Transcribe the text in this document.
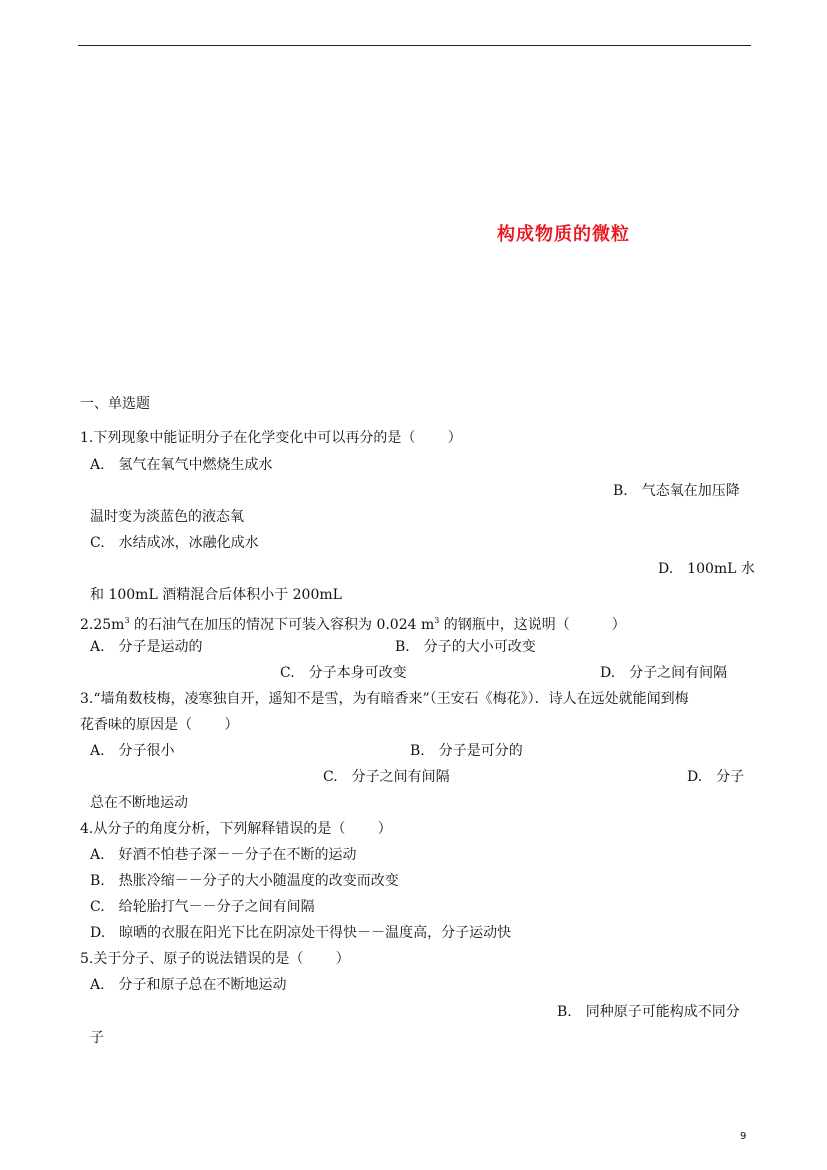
构成物质的微粒
一、单选题
1.下列现象中能证明分子在化学变化中可以再分的是（　　 ）
A.　氢气在氧气中燃烧生成水
B.　气态氧在加压降
温时变为淡蓝色的液态氧
C.　水结成冰，冰融化成水
D.　100mL 水
和 100mL 酒精混合后体积小于 200mL
$2.25m^3$ 的石油气在加压的情况下可装入容积为 0.024 $m^3$ 的钢瓶中，这说明（　　　）
A.　分子是运动的	B.　分子的大小可改变
C.　分子本身可改变	D.　分子之间有间隔
3.“墙角数枝梅，凌寒独自开，遥知不是雪，为有暗香来”（王安石《梅花》）．诗人在远处就能闻到梅
花香味的原因是（　　 ）
A.　分子很小	B.　分子是可分的
C.　分子之间有间隔	D.　分子
总在不断地运动
4.从分子的角度分析，下列解释错误的是（　　 ）
A.　好酒不怕巷子深－－分子在不断的运动
B.　热胀冷缩－－分子的大小随温度的改变而改变
C.　给轮胎打气－－分子之间有间隔
D.　晾晒的衣服在阳光下比在阴凉处干得快－－温度高，分子运动快
5.关于分子、原子的说法错误的是（　　 ）
A.　分子和原子总在不断地运动
B.　同种原子可能构成不同分
子
9
